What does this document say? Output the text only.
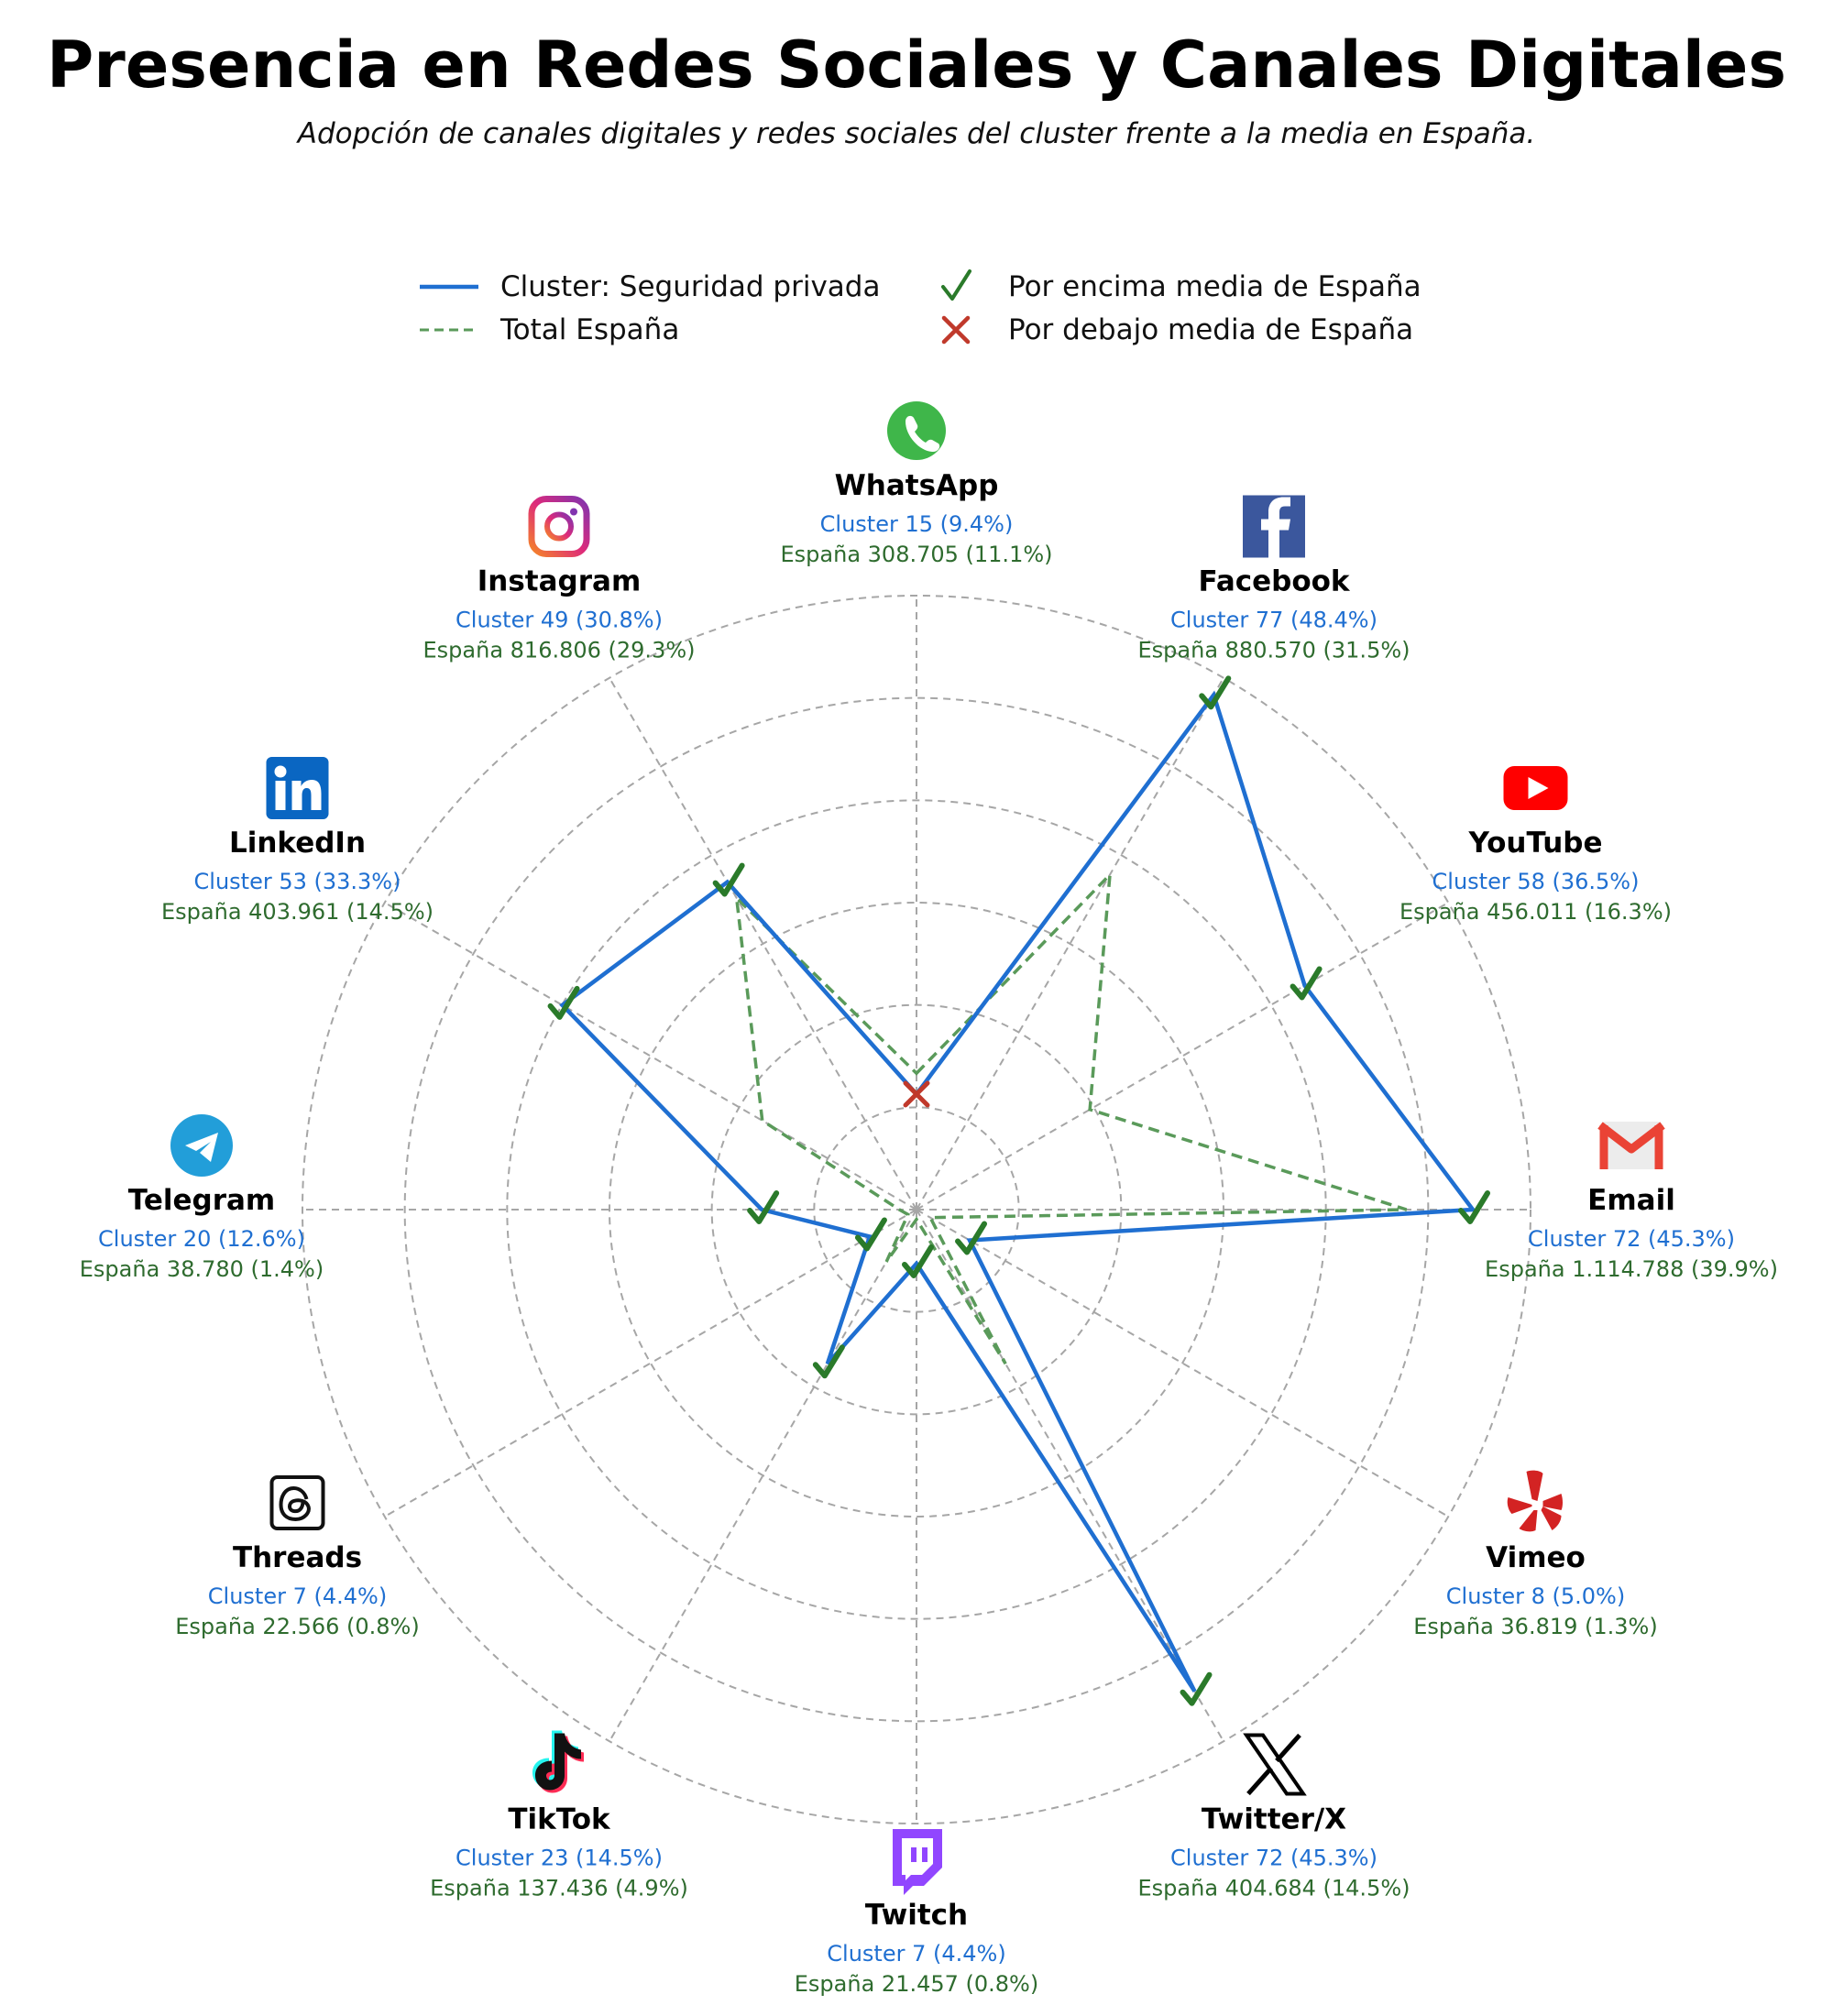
Presencia en Redes Sociales y Canales Digitales
Adopción de canales digitales y redes sociales del cluster frente a la media en España.
WhatsApp
Cluster 15 (9.4%)
España 308.705 (11.1%)
Facebook
Cluster 77 (48.4%)
España 880.570 (31.5%)
YouTube
Cluster 58 (36.5%)
España 456.011 (16.3%)
Email
Cluster 72 (45.3%)
España 1.114.788 (39.9%)
Vimeo
Cluster 8 (5.0%)
España 36.819 (1.3%)
Twitter/X
Cluster 72 (45.3%)
España 404.684 (14.5%)
Twitch
Cluster 7 (4.4%)
España 21.457 (0.8%)
TikTok
Cluster 23 (14.5%)
España 137.436 (4.9%)
Threads
Cluster 7 (4.4%)
España 22.566 (0.8%)
Telegram
Cluster 20 (12.6%)
España 38.780 (1.4%)
LinkedIn
Cluster 53 (33.3%)
España 403.961 (14.5%)
Instagram
Cluster 49 (30.8%)
España 816.806 (29.3%)
Cluster: Seguridad privada
Total España
Por encima media de España
Por debajo media de España
